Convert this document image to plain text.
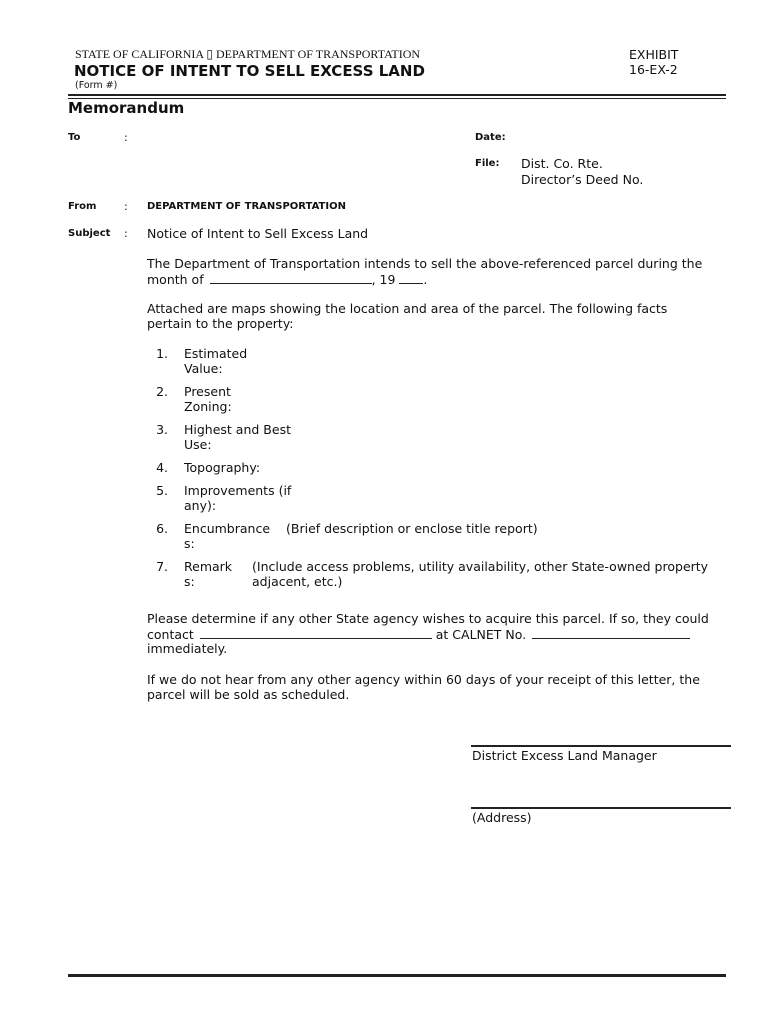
STATE OF CALIFORNIA ▯ DEPARTMENT OF TRANSPORTATION
NOTICE OF INTENT TO SELL EXCESS LAND
(Form #)
EXHIBIT
16-EX-2
Memorandum
To	:	Date:
File: Dist. Co. Rte.
Director’s Deed No.
From	: DEPARTMENT OF TRANSPORTATION
Subject : Notice of Intent to Sell Excess Land
The Department of Transportation intends to sell the above-referenced parcel during the
month of	, 19 .
Attached are maps showing the location and area of the parcel. The following facts
pertain to the property:
1. Estimated
Value:
2. Present
Zoning:
3. Highest and Best
Use:
4. Topography:
5. Improvements (if
any):
6. Encumbrance
s:
(Brief description or enclose title report)
7. Remark
s:
(Include access problems, utility availability, other State-owned property
adjacent, etc.)
Please determine if any other State agency wishes to acquire this parcel. If so, they could
contact	at CALNET No.
immediately.
If we do not hear from any other agency within 60 days of your receipt of this letter, the
parcel will be sold as scheduled.
District Excess Land Manager
(Address)
